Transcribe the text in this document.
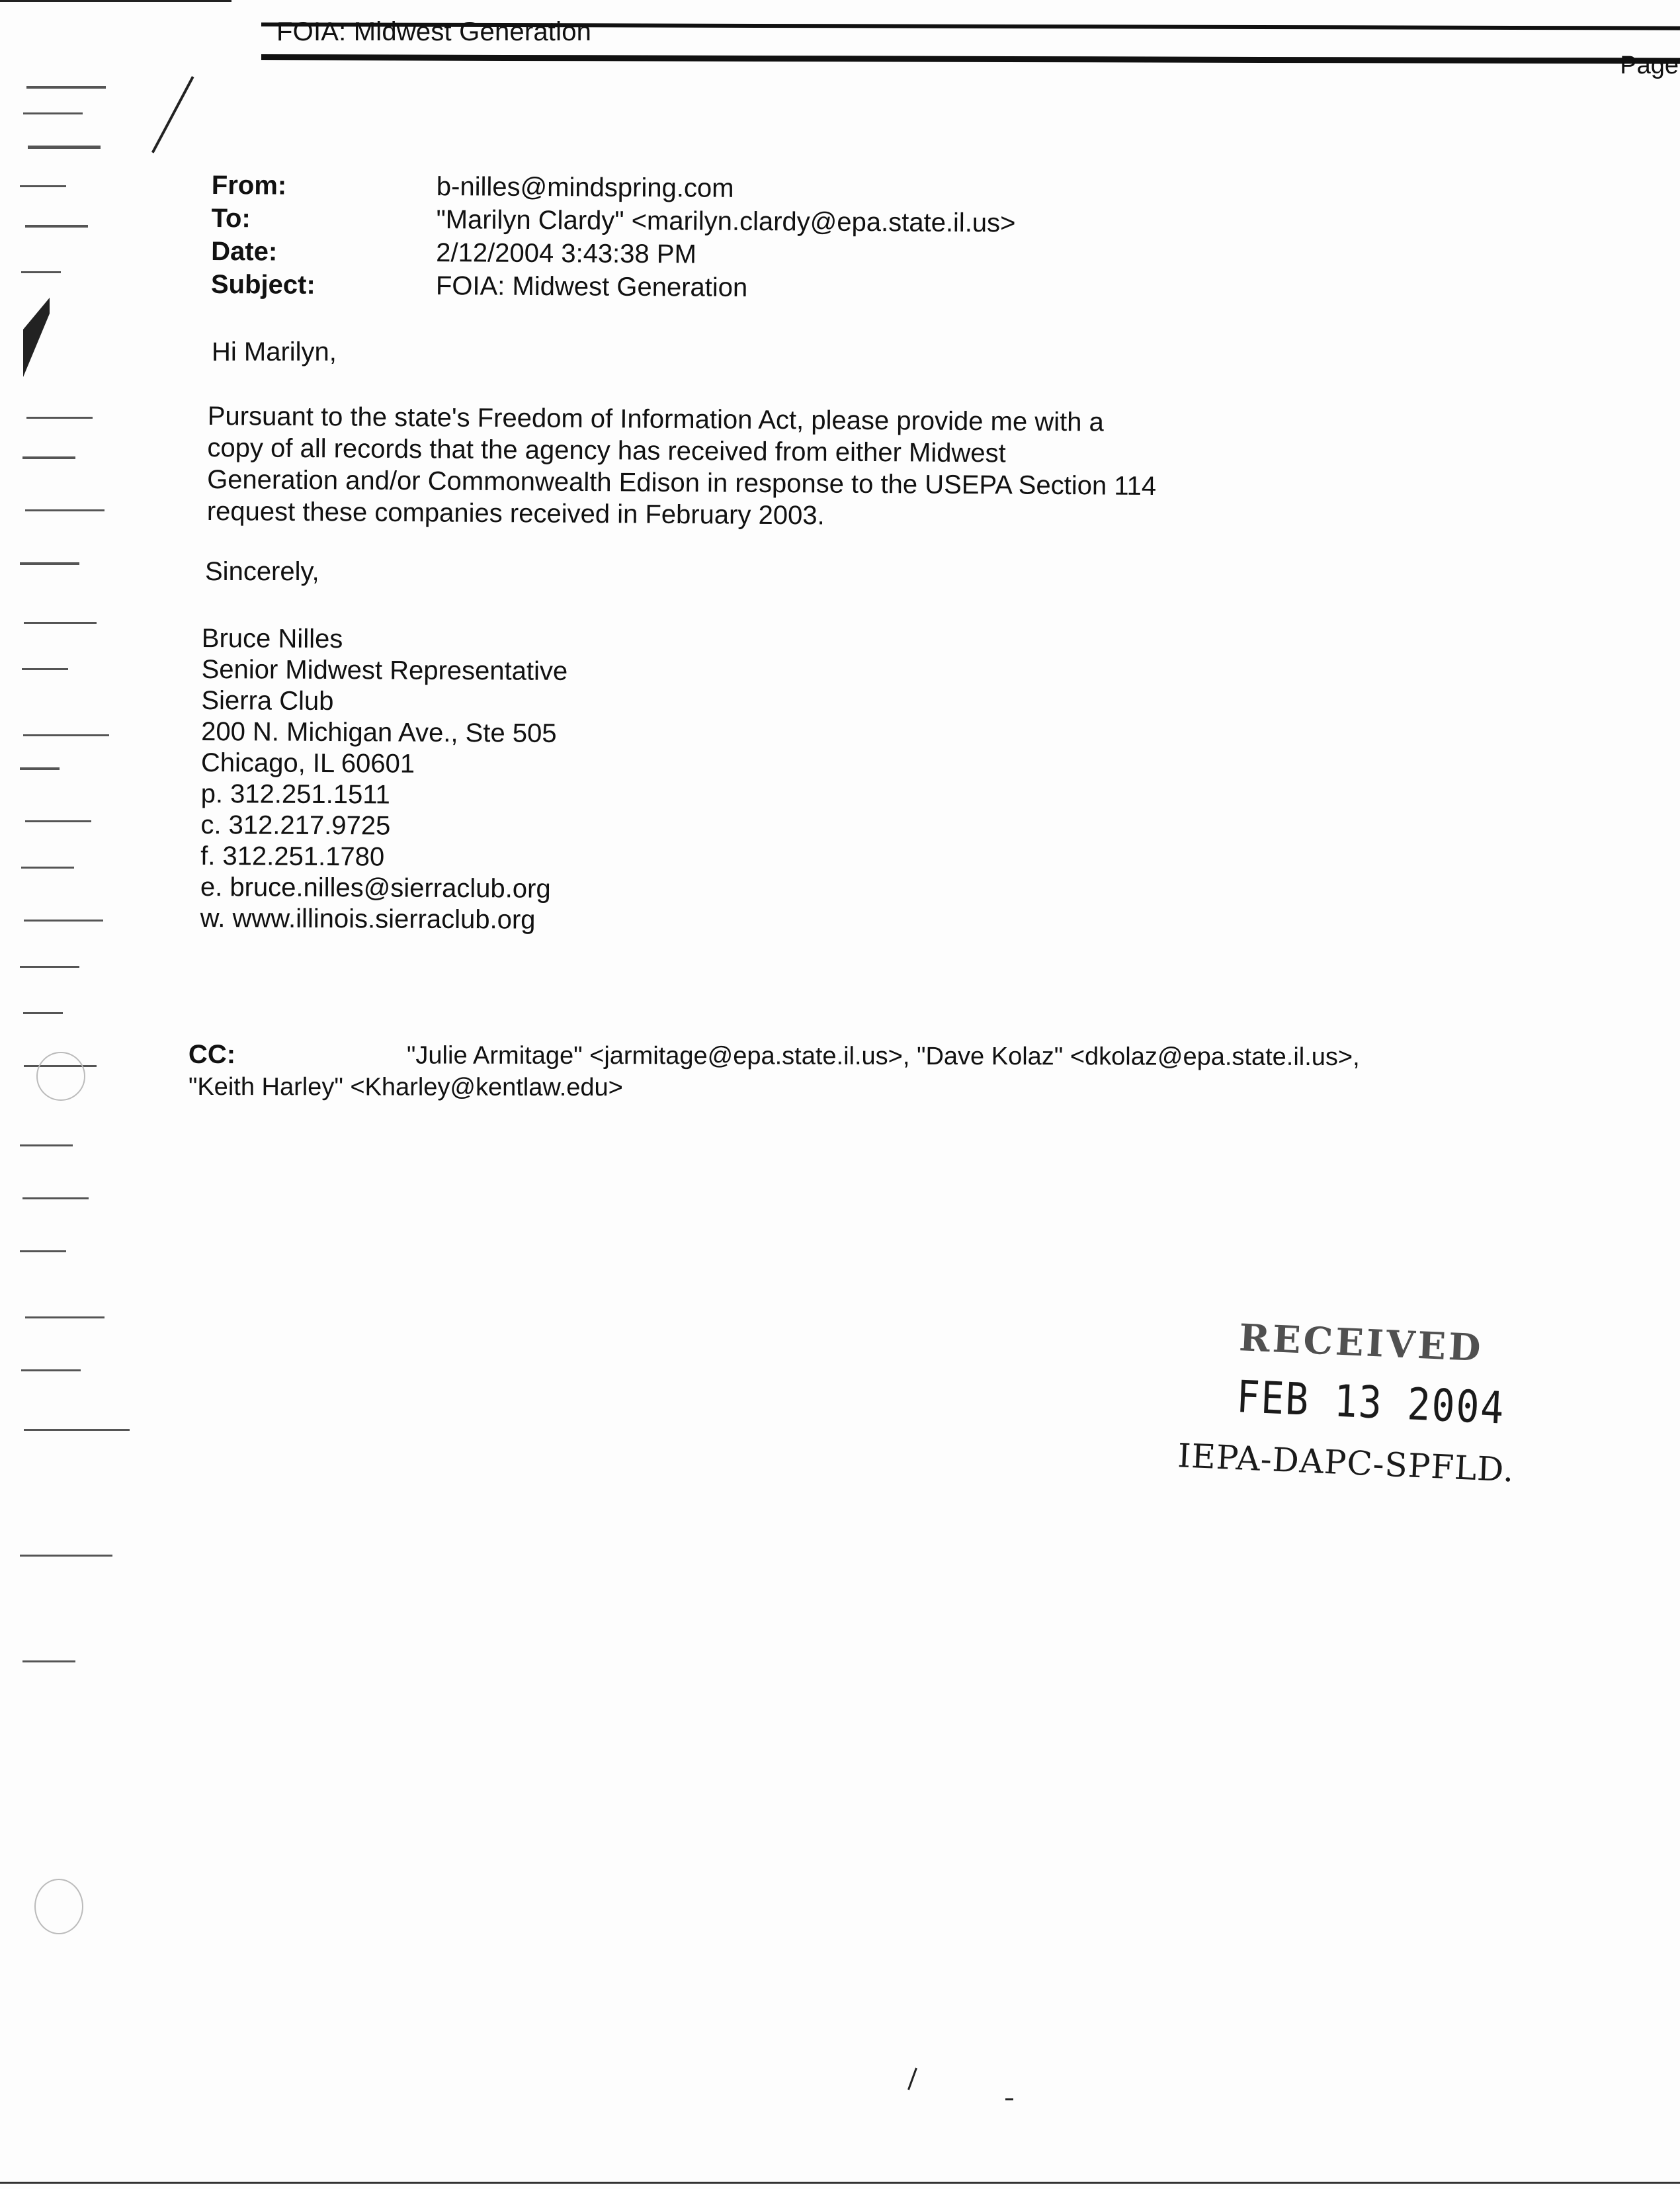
FOIA: Midwest Generation
Page
From:	b-nilles@mindspring.com
To:	"Marilyn Clardy" <marilyn.clardy@epa.state.il.us>
Date:	2/12/2004 3:43:38 PM
Subject:	FOIA: Midwest Generation
Hi Marilyn,
Pursuant to the state's Freedom of Information Act, please provide me with a
copy of all records that the agency has received from either Midwest
Generation and/or Commonwealth Edison in response to the USEPA Section 114
request these companies received in February 2003.
Sincerely,
Bruce Nilles
Senior Midwest Representative
Sierra Club
200 N. Michigan Ave., Ste 505
Chicago, IL 60601
p. 312.251.1511
c. 312.217.9725
f. 312.251.1780
e. bruce.nilles@sierraclub.org
w. www.illinois.sierraclub.org
CC:	"Julie Armitage" <jarmitage@epa.state.il.us>, "Dave Kolaz" <dkolaz@epa.state.il.us>,
"Keith Harley" <Kharley@kentlaw.edu>
RECEIVED
FEB 13 2004
IEPA-DAPC-SPFLD.
